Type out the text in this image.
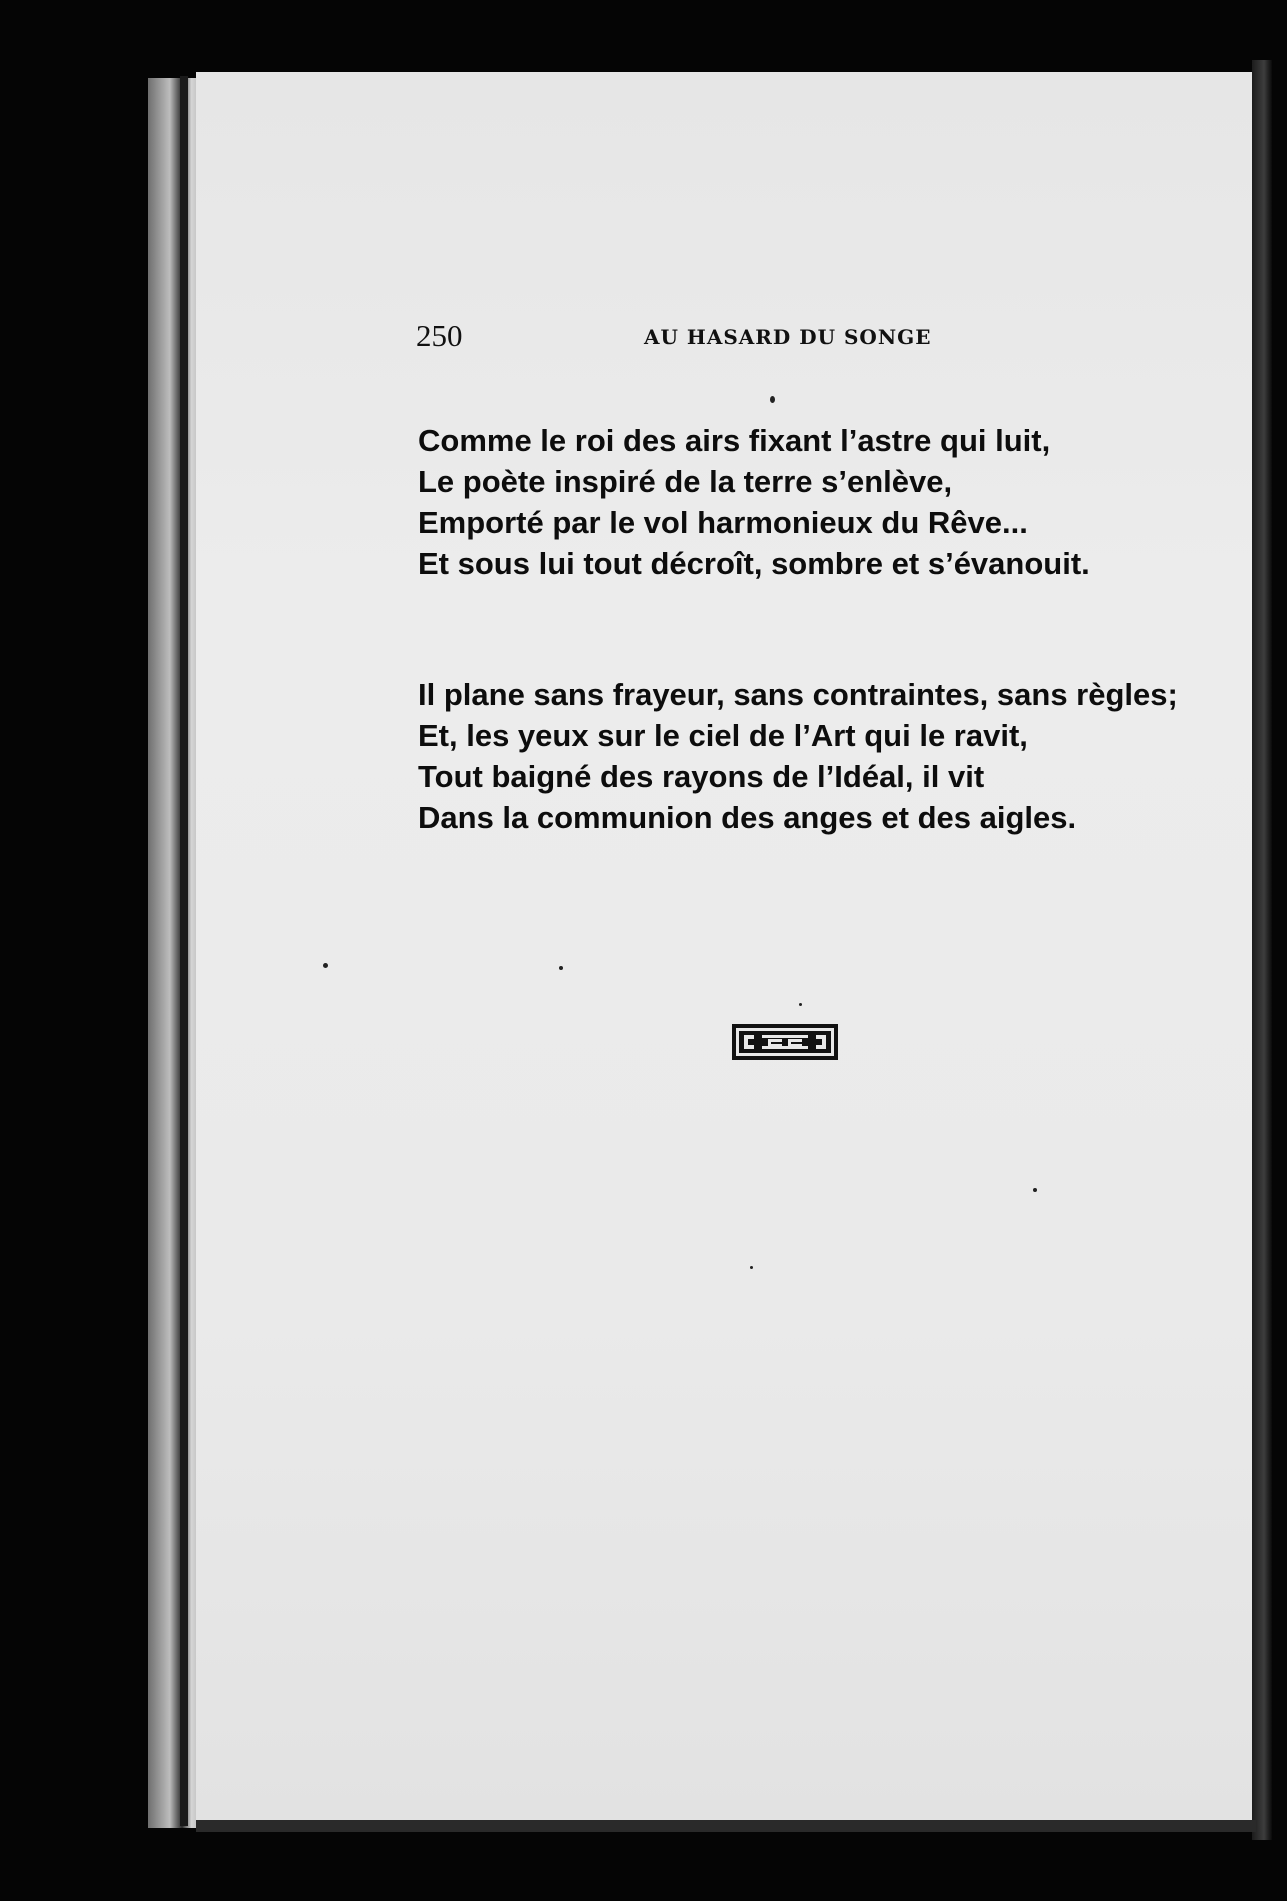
250	AU HASARD DU SONGE
Comme le roi des airs fixant l’astre qui luit,
Le poète inspiré de la terre s’enlève,
Emporté par le vol harmonieux du Rêve...
Et sous lui tout décroît, sombre et s’évanouit.
Il plane sans frayeur, sans contraintes, sans règles;
Et, les yeux sur le ciel de l’Art qui le ravit,
Tout baigné des rayons de l’Idéal, il vit
Dans la communion des anges et des aigles.
